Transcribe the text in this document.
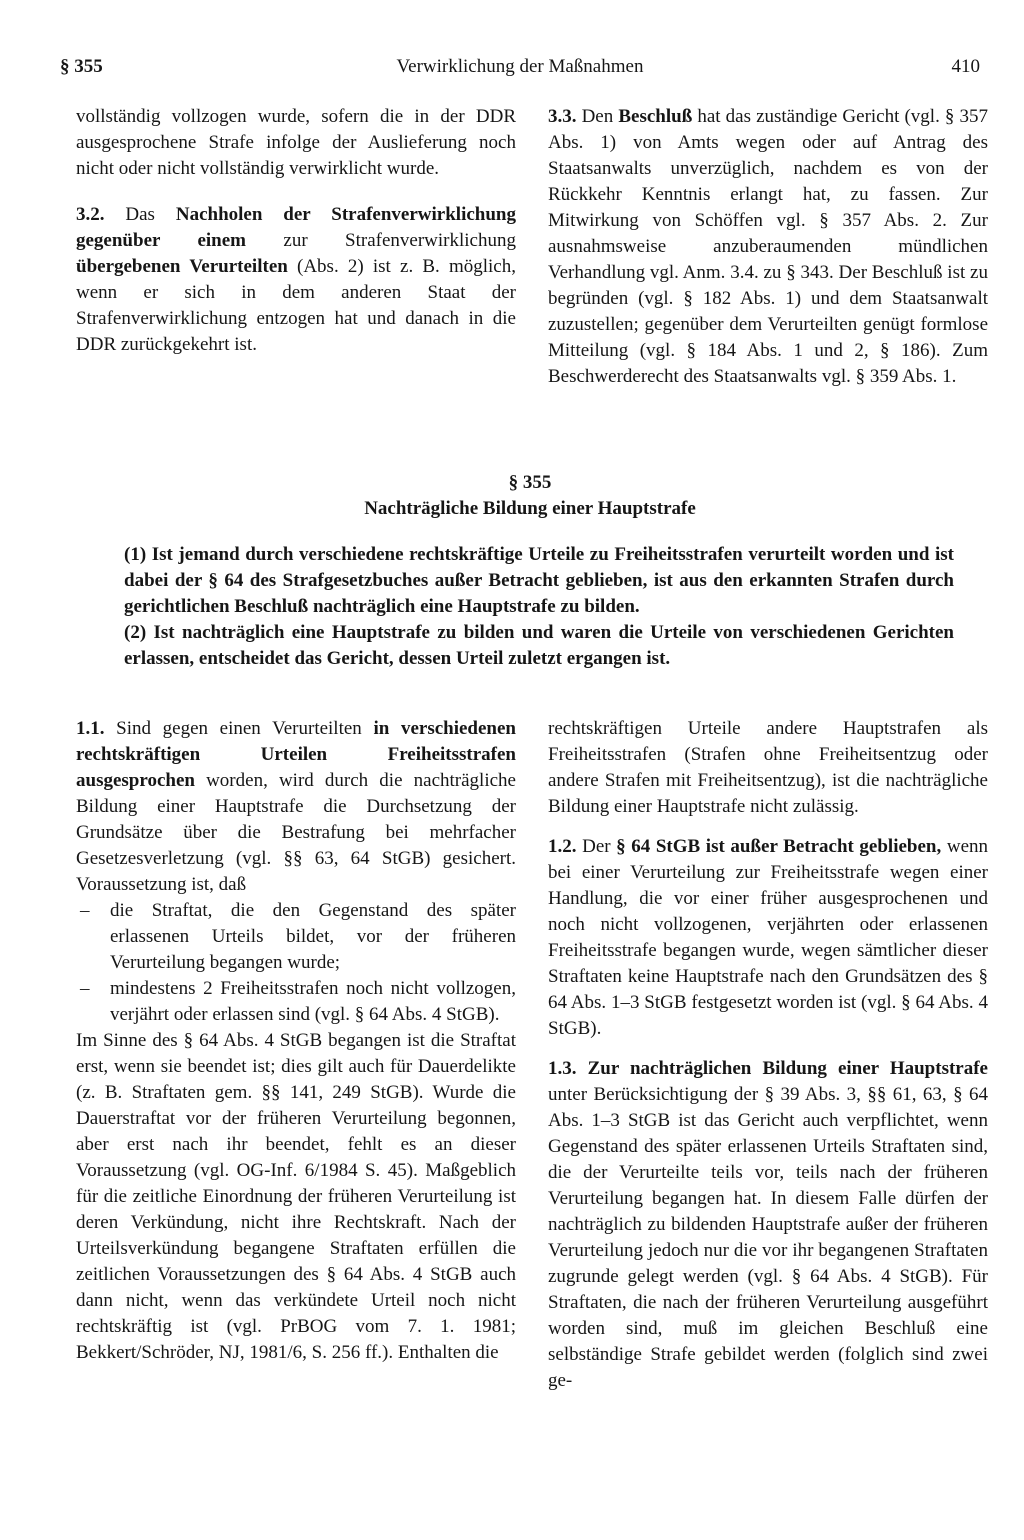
§ 355	Verwirklichung der Maßnahmen	410

vollständig vollzogen wurde, sofern die in der DDR ausgesprochene Strafe infolge der Auslieferung noch nicht oder nicht vollständig verwirklicht wurde.

3.2. Das Nachholen der Strafenverwirklichung gegenüber einem zur Strafenverwirklichung übergebenen Verurteilten (Abs. 2) ist z. B. möglich, wenn er sich in dem anderen Staat der Strafenverwirklichung entzogen hat und danach in die DDR zurückgekehrt ist.

3.3. Den Beschluß hat das zuständige Gericht (vgl. § 357 Abs. 1) von Amts wegen oder auf Antrag des Staatsanwalts unverzüglich, nachdem es von der Rückkehr Kenntnis erlangt hat, zu fassen. Zur Mitwirkung von Schöffen vgl. § 357 Abs. 2. Zur ausnahmsweise anzuberaumenden mündlichen Verhandlung vgl. Anm. 3.4. zu § 343. Der Beschluß ist zu begründen (vgl. § 182 Abs. 1) und dem Staatsanwalt zuzustellen; gegenüber dem Verurteilten genügt formlose Mitteilung (vgl. § 184 Abs. 1 und 2, § 186). Zum Beschwerderecht des Staatsanwalts vgl. § 359 Abs. 1.

§ 355
Nachträgliche Bildung einer Hauptstrafe

(1) Ist jemand durch verschiedene rechtskräftige Urteile zu Freiheitsstrafen verurteilt worden und ist dabei der § 64 des Strafgesetzbuches außer Betracht geblieben, ist aus den erkannten Strafen durch gerichtlichen Beschluß nachträglich eine Hauptstrafe zu bilden.

(2) Ist nachträglich eine Hauptstrafe zu bilden und waren die Urteile von verschiedenen Gerichten erlassen, entscheidet das Gericht, dessen Urteil zuletzt ergangen ist.

1.1. Sind gegen einen Verurteilten in verschiedenen rechtskräftigen Urteilen Freiheitsstrafen ausgesprochen worden, wird durch die nachträgliche Bildung einer Hauptstrafe die Durchsetzung der Grundsätze über die Bestrafung bei mehrfacher Gesetzesverletzung (vgl. §§ 63, 64 StGB) gesichert. Voraussetzung ist, daß

– die Straftat, die den Gegenstand des später erlassenen Urteils bildet, vor der früheren Verurteilung begangen wurde;
– mindestens 2 Freiheitsstrafen noch nicht vollzogen, verjährt oder erlassen sind (vgl. § 64 Abs. 4 StGB).

Im Sinne des § 64 Abs. 4 StGB begangen ist die Straftat erst, wenn sie beendet ist; dies gilt auch für Dauerdelikte (z. B. Straftaten gem. §§ 141, 249 StGB). Wurde die Dauerstraftat vor der früheren Verurteilung begonnen, aber erst nach ihr beendet, fehlt es an dieser Voraussetzung (vgl. OG-Inf. 6/1984 S. 45). Maßgeblich für die zeitliche Einordnung der früheren Verurteilung ist deren Verkündung, nicht ihre Rechtskraft. Nach der Urteilsverkündung begangene Straftaten erfüllen die zeitlichen Voraussetzungen des § 64 Abs. 4 StGB auch dann nicht, wenn das verkündete Urteil noch nicht rechtskräftig ist (vgl. PrBOG vom 7. 1. 1981; Bekkert/Schröder, NJ, 1981/6, S. 256 ff.). Enthalten die

rechtskräftigen Urteile andere Hauptstrafen als Freiheitsstrafen (Strafen ohne Freiheitsentzug oder andere Strafen mit Freiheitsentzug), ist die nachträgliche Bildung einer Hauptstrafe nicht zulässig.

1.2. Der § 64 StGB ist außer Betracht geblieben, wenn bei einer Verurteilung zur Freiheitsstrafe wegen einer Handlung, die vor einer früher ausgesprochenen und noch nicht vollzogenen, verjährten oder erlassenen Freiheitsstrafe begangen wurde, wegen sämtlicher dieser Straftaten keine Hauptstrafe nach den Grundsätzen des § 64 Abs. 1–3 StGB festgesetzt worden ist (vgl. § 64 Abs. 4 StGB).

1.3. Zur nachträglichen Bildung einer Hauptstrafe unter Berücksichtigung der § 39 Abs. 3, §§ 61, 63, § 64 Abs. 1–3 StGB ist das Gericht auch verpflichtet, wenn Gegenstand des später erlassenen Urteils Straftaten sind, die der Verurteilte teils vor, teils nach der früheren Verurteilung begangen hat. In diesem Falle dürfen der nachträglich zu bildenden Hauptstrafe außer der früheren Verurteilung jedoch nur die vor ihr begangenen Straftaten zugrunde gelegt werden (vgl. § 64 Abs. 4 StGB). Für Straftaten, die nach der früheren Verurteilung ausgeführt worden sind, muß im gleichen Beschluß eine selbständige Strafe gebildet werden (folglich sind zwei ge-
